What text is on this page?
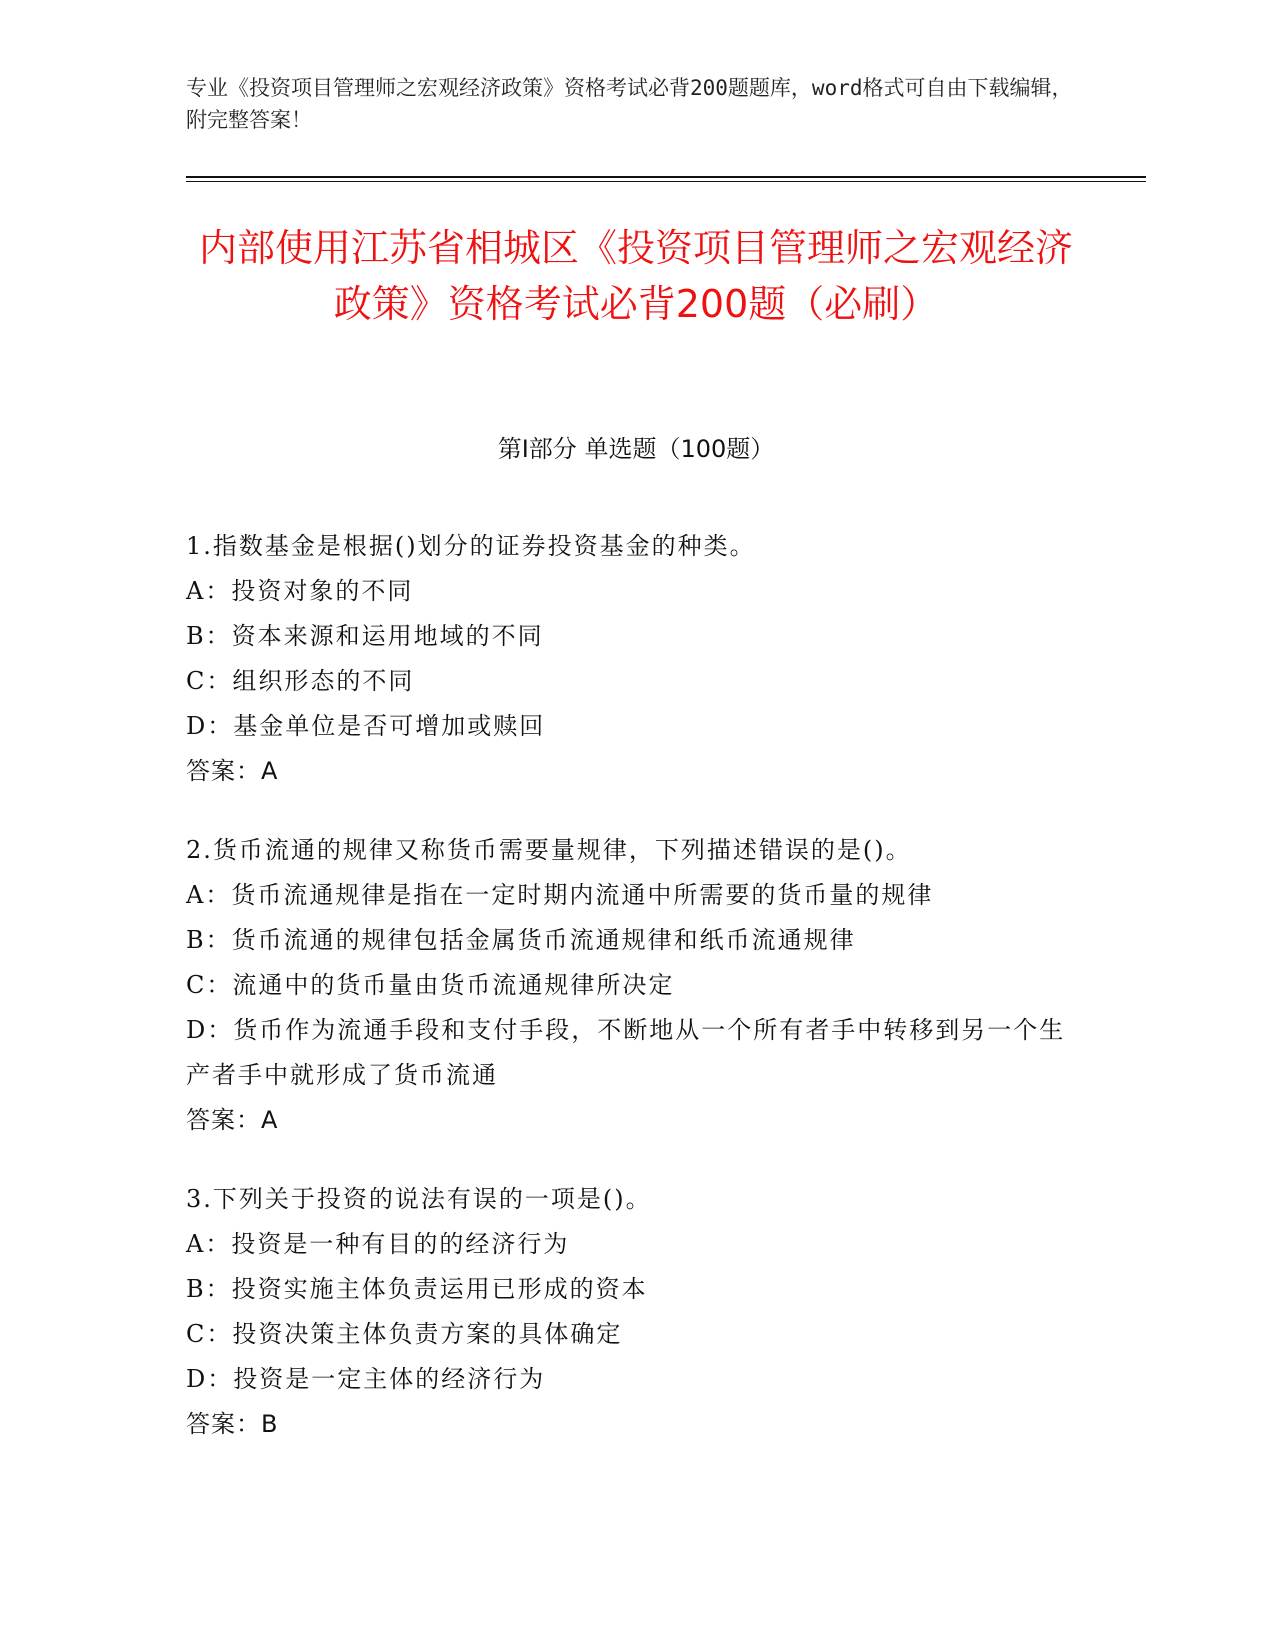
专业《投资项目管理师之宏观经济政策》资格考试必背200题题库，word格式可自由下载编辑，附完整答案！
内部使用江苏省相城区《投资项目管理师之宏观经济政策》资格考试必背200题（必刷）
第I部分 单选题（100题）
1.指数基金是根据()划分的证券投资基金的种类。
A：投资对象的不同
B：资本来源和运用地域的不同
C：组织形态的不同
D：基金单位是否可增加或赎回
答案：A
2.货币流通的规律又称货币需要量规律，下列描述错误的是()。
A：货币流通规律是指在一定时期内流通中所需要的货币量的规律
B：货币流通的规律包括金属货币流通规律和纸币流通规律
C：流通中的货币量由货币流通规律所决定
D：货币作为流通手段和支付手段，不断地从一个所有者手中转移到另一个生产者手中就形成了货币流通
答案：A
3.下列关于投资的说法有误的一项是()。
A：投资是一种有目的的经济行为
B：投资实施主体负责运用已形成的资本
C：投资决策主体负责方案的具体确定
D：投资是一定主体的经济行为
答案：B
